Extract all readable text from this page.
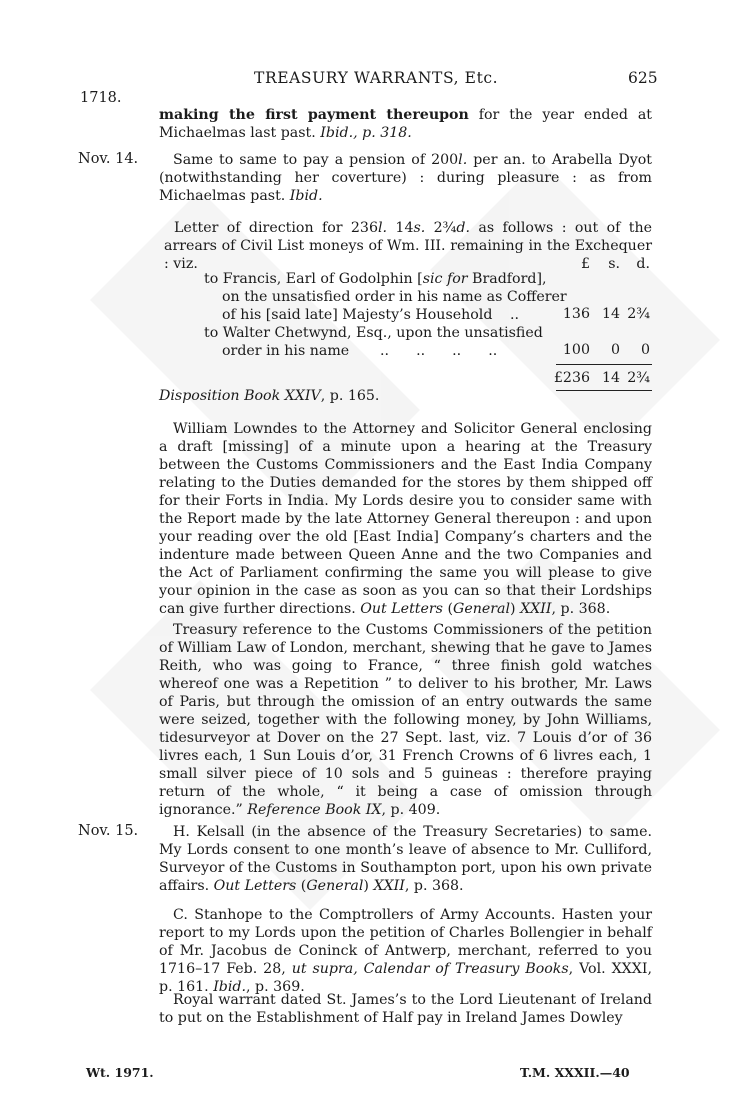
TREASURY WARRANTS, Etc.	625
1718.
making the first payment thereupon for the year ended at Michaelmas last past. Ibid., p. 318.
Nov. 14.	Same to same to pay a pension of 200l. per an. to Arabella Dyot (notwithstanding her coverture) : during pleasure : as from Michaelmas past. Ibid.
Letter of direction for 236l. 14s. 2¾d. as follows : out of the arrears of Civil List moneys of Wm. III. remaining in the Exchequer : viz.	£	s.	d.
to Francis, Earl of Godolphin [sic for Bradford],
on the unsatisfied order in his name as Cofferer
of his [said late] Majesty’s Household ..	136 14 2¾
to Walter Chetwynd, Esq., upon the unsatisfied
order in his name ..      ..      ..      ..	100	0	0
£236 14 2¾
Disposition Book XXIV, p. 165.
William Lowndes to the Attorney and Solicitor General enclosing a draft [missing] of a minute upon a hearing at the Treasury between the Customs Commissioners and the East India Company relating to the Duties demanded for the stores by them shipped off for their Forts in India. My Lords desire you to consider same with the Report made by the late Attorney General thereupon : and upon your reading over the old [East India] Company’s charters and the indenture made between Queen Anne and the two Companies and the Act of Parliament confirming the same you will please to give your opinion in the case as soon as you can so that their Lordships can give further directions. Out Letters (General) XXII, p. 368.
Treasury reference to the Customs Commissioners of the petition of William Law of London, merchant, shewing that he gave to James Reith, who was going to France, “ three finish gold watches whereof one was a Repetition ” to deliver to his brother, Mr. Laws of Paris, but through the omission of an entry outwards the same were seized, together with the following money, by John Williams, tidesurveyor at Dover on the 27 Sept. last, viz. 7 Louis d’or of 36 livres each, 1 Sun Louis d’or, 31 French Crowns of 6 livres each, 1 small silver piece of 10 sols and 5 guineas : therefore praying return of the whole, “ it being a case of omission through ignorance.” Reference Book IX, p. 409.
Nov. 15.	H. Kelsall (in the absence of the Treasury Secretaries) to same. My Lords consent to one month’s leave of absence to Mr. Culliford, Surveyor of the Customs in Southampton port, upon his own private affairs. Out Letters (General) XXII, p. 368.
C. Stanhope to the Comptrollers of Army Accounts. Hasten your report to my Lords upon the petition of Charles Bollengier in behalf of Mr. Jacobus de Coninck of Antwerp, merchant, referred to you 1716–17 Feb. 28, ut supra, Calendar of Treasury Books, Vol. XXXI, p. 161. Ibid., p. 369.
Royal warrant dated St. James’s to the Lord Lieutenant of Ireland to put on the Establishment of Half pay in Ireland James Dowley
Wt. 1971.	T.M. XXXII.—40
